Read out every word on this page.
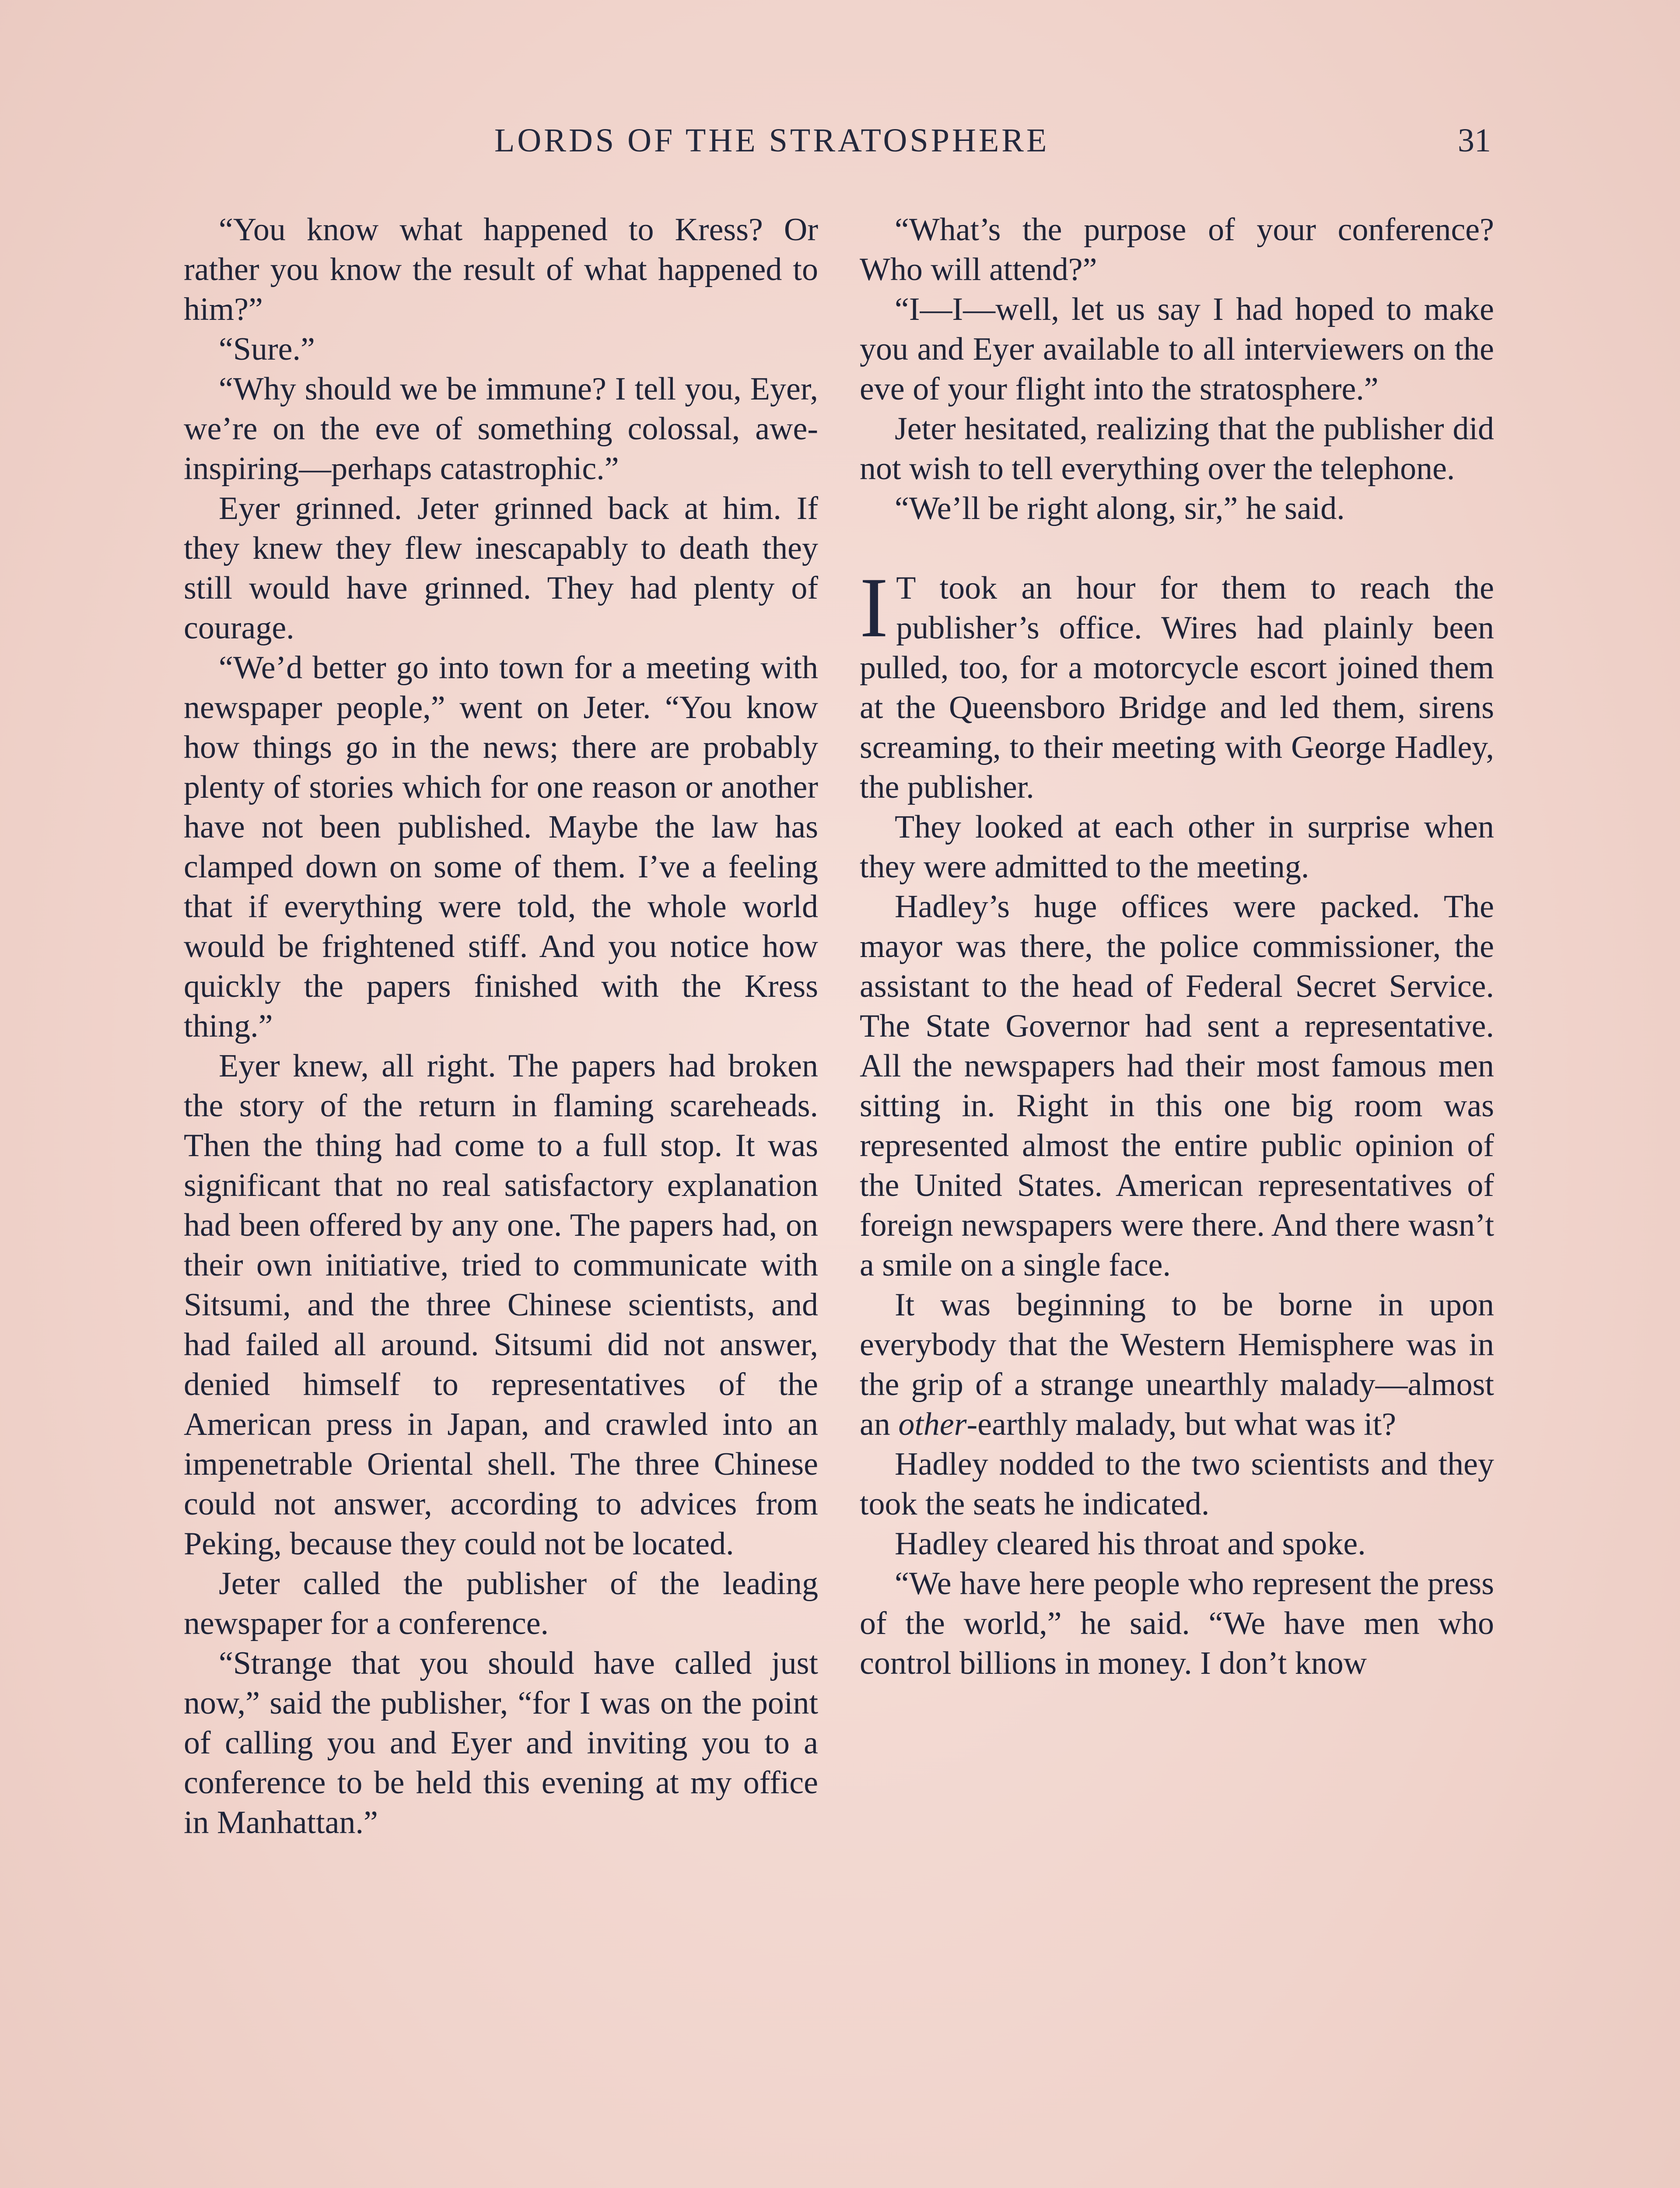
LORDS OF THE STRATOSPHERE	31

“You know what happened to Kress? Or rather you know the result of what happened to him?”

“Sure.”

“Why should we be immune? I tell you, Eyer, we’re on the eve of something colossal, awe-inspiring—perhaps catastrophic.”

Eyer grinned. Jeter grinned back at him. If they knew they flew inescapably to death they still would have grinned. They had plenty of courage.

“We’d better go into town for a meeting with newspaper people,” went on Jeter. “You know how things go in the news; there are probably plenty of stories which for one reason or another have not been published. Maybe the law has clamped down on some of them. I’ve a feeling that if everything were told, the whole world would be frightened stiff. And you notice how quickly the papers finished with the Kress thing.”

Eyer knew, all right. The papers had broken the story of the return in flaming scareheads. Then the thing had come to a full stop. It was significant that no real satisfactory explanation had been offered by any one. The papers had, on their own initiative, tried to communicate with Sitsumi, and the three Chinese scientists, and had failed all around. Sitsumi did not answer, denied himself to representatives of the American press in Japan, and crawled into an impenetrable Oriental shell. The three Chinese could not answer, according to advices from Peking, because they could not be located.

Jeter called the publisher of the leading newspaper for a conference.

“Strange that you should have called just now,” said the publisher, “for I was on the point of calling you and Eyer and inviting you to a conference to be held this evening at my office in Manhattan.”

“What’s the purpose of your conference? Who will attend?”

“I—I—well, let us say I had hoped to make you and Eyer available to all interviewers on the eve of your flight into the stratosphere.”

Jeter hesitated, realizing that the publisher did not wish to tell everything over the telephone.

“We’ll be right along, sir,” he said.

I T took an hour for them to reach the publisher’s office. Wires had plainly been pulled, too, for a motorcycle escort joined them at the Queensboro Bridge and led them, sirens screaming, to their meeting with George Hadley, the publisher.

They looked at each other in surprise when they were admitted to the meeting.

Hadley’s huge offices were packed. The mayor was there, the police commissioner, the assistant to the head of Federal Secret Service. The State Governor had sent a representative. All the newspapers had their most famous men sitting in. Right in this one big room was represented almost the entire public opinion of the United States. American representatives of foreign newspapers were there. And there wasn’t a smile on a single face.

It was beginning to be borne in upon everybody that the Western Hemisphere was in the grip of a strange unearthly malady—almost an other-earthly malady, but what was it?

Hadley nodded to the two scientists and they took the seats he indicated.

Hadley cleared his throat and spoke.

“We have here people who represent the press of the world,” he said. “We have men who control billions in money. I don’t know
